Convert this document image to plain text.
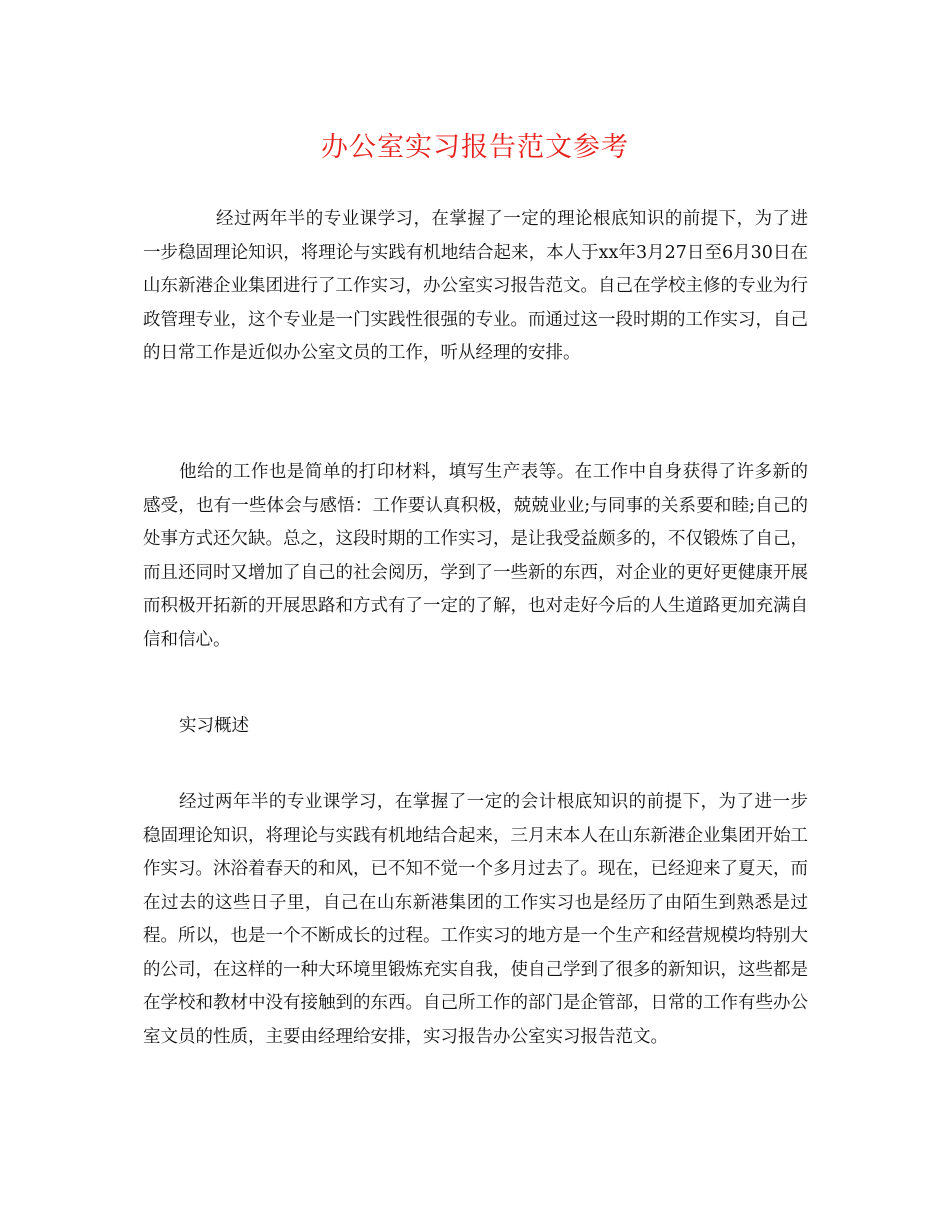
办公室实习报告范文参考
经过两年半的专业课学习，在掌握了一定的理论根底知识的前提下，为了进一步稳固理论知识，将理论与实践有机地结合起来，本人于xx年3月27日至6月30日在山东新港企业集团进行了工作实习，办公室实习报告范文。自己在学校主修的专业为行政管理专业，这个专业是一门实践性很强的专业。而通过这一段时期的工作实习，自己的日常工作是近似办公室文员的工作，听从经理的安排。
他给的工作也是简单的打印材料，填写生产表等。在工作中自身获得了许多新的感受，也有一些体会与感悟：工作要认真积极，兢兢业业;与同事的关系要和睦;自己的处事方式还欠缺。总之，这段时期的工作实习，是让我受益颇多的，不仅锻炼了自己，而且还同时又增加了自己的社会阅历，学到了一些新的东西，对企业的更好更健康开展而积极开拓新的开展思路和方式有了一定的了解，也对走好今后的人生道路更加充满自信和信心。
实习概述
经过两年半的专业课学习，在掌握了一定的会计根底知识的前提下，为了进一步稳固理论知识，将理论与实践有机地结合起来，三月末本人在山东新港企业集团开始工作实习。沐浴着春天的和风，已不知不觉一个多月过去了。现在，已经迎来了夏天，而在过去的这些日子里，自己在山东新港集团的工作实习也是经历了由陌生到熟悉是过程。所以，也是一个不断成长的过程。工作实习的地方是一个生产和经营规模均特别大的公司，在这样的一种大环境里锻炼充实自我，使自己学到了很多的新知识，这些都是在学校和教材中没有接触到的东西。自己所工作的部门是企管部，日常的工作有些办公室文员的性质，主要由经理给安排，实习报告办公室实习报告范文。
